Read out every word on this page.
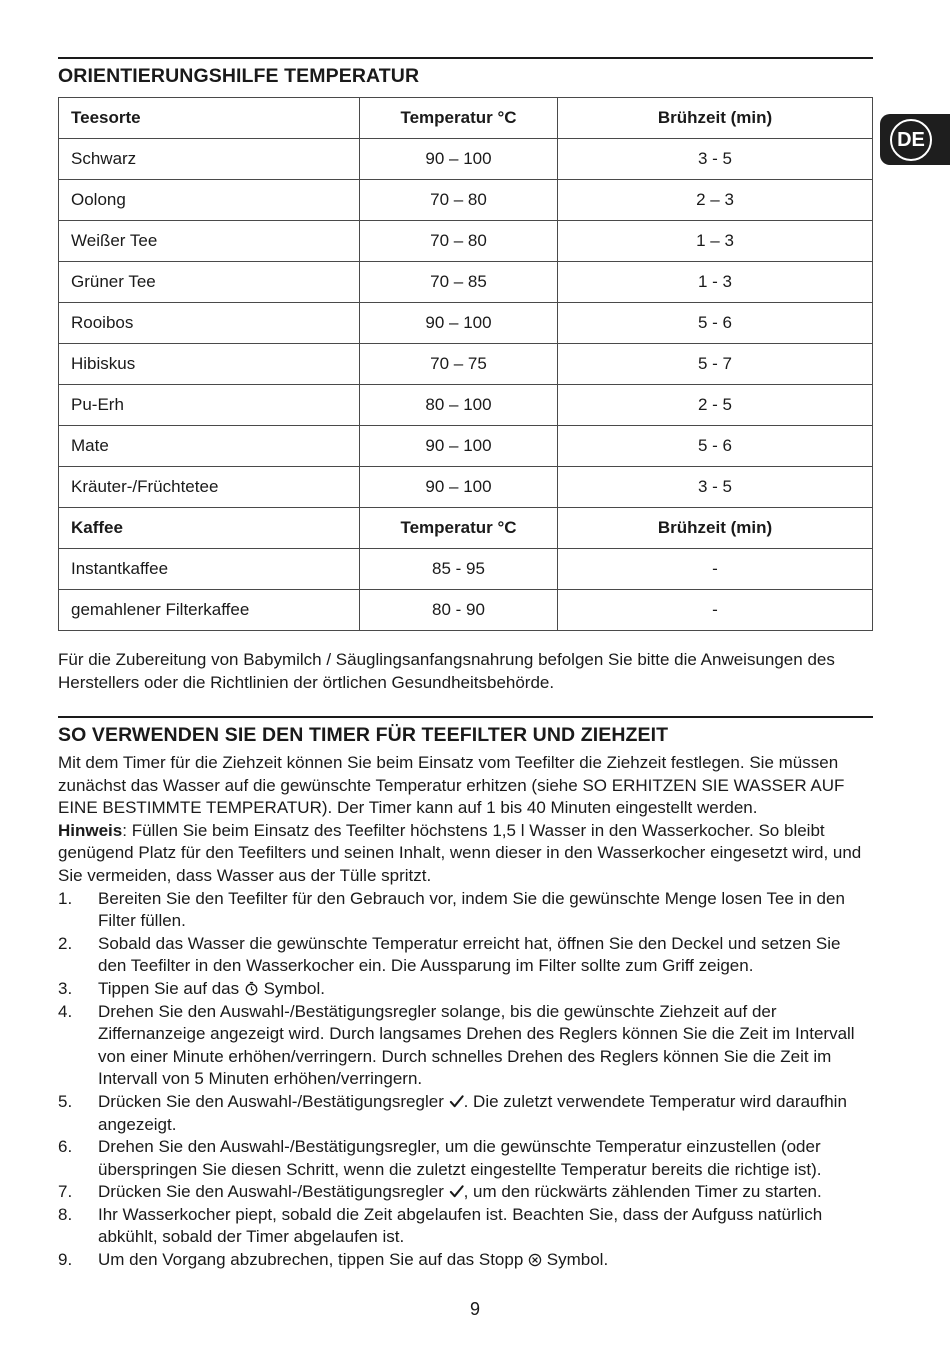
DE
ORIENTIERUNGSHILFE TEMPERATUR
Teesorte	Temperatur °C	Brühzeit (min)
Schwarz	90 – 100	3 - 5
Oolong	70 – 80	2 – 3
Weißer Tee	70 – 80	1 – 3
Grüner Tee	70 – 85	1 - 3
Rooibos	90 – 100	5 - 6
Hibiskus	70 – 75	5 - 7
Pu-Erh	80 – 100	2 - 5
Mate	90 – 100	5 - 6
Kräuter-/Früchtetee	90 – 100	3 - 5
Kaffee	Temperatur °C	Brühzeit (min)
Instantkaffee	85 - 95	-
gemahlener Filterkaffee	80 - 90	-

Für die Zubereitung von Babymilch / Säuglingsanfangsnahrung befolgen Sie bitte die Anweisungen des Herstellers oder die Richtlinien der örtlichen Gesundheitsbehörde.

SO VERWENDEN SIE DEN TIMER FÜR TEEFILTER UND ZIEHZEIT

Mit dem Timer für die Ziehzeit können Sie beim Einsatz vom Teefilter die Ziehzeit festlegen. Sie müssen zunächst das Wasser auf die gewünschte Temperatur erhitzen (siehe SO ERHITZEN SIE WASSER AUF EINE BESTIMMTE TEMPERATUR). Der Timer kann auf 1 bis 40 Minuten eingestellt werden.

Hinweis: Füllen Sie beim Einsatz des Teefilter höchstens 1,5 l Wasser in den Wasserkocher. So bleibt genügend Platz für den Teefilters und seinen Inhalt, wenn dieser in den Wasserkocher eingesetzt wird, und Sie vermeiden, dass Wasser aus der Tülle spritzt.

1. Bereiten Sie den Teefilter für den Gebrauch vor, indem Sie die gewünschte Menge losen Tee in den Filter füllen.
2. Sobald das Wasser die gewünschte Temperatur erreicht hat, öffnen Sie den Deckel und setzen Sie den Teefilter in den Wasserkocher ein. Die Aussparung im Filter sollte zum Griff zeigen.
3. Tippen Sie auf das  Symbol.
4. Drehen Sie den Auswahl-/Bestätigungsregler solange, bis die gewünschte Ziehzeit auf der Ziffernanzeige angezeigt wird. Durch langsames Drehen des Reglers können Sie die Zeit im Intervall von einer Minute erhöhen/verringern. Durch schnelles Drehen des Reglers können Sie die Zeit im Intervall von 5 Minuten erhöhen/verringern.
5. Drücken Sie den Auswahl-/Bestätigungsregler . Die zuletzt verwendete Temperatur wird daraufhin angezeigt.
6. Drehen Sie den Auswahl-/Bestätigungsregler, um die gewünschte Temperatur einzustellen (oder überspringen Sie diesen Schritt, wenn die zuletzt eingestellte Temperatur bereits die richtige ist).
7. Drücken Sie den Auswahl-/Bestätigungsregler , um den rückwärts zählenden Timer zu starten.
8. Ihr Wasserkocher piept, sobald die Zeit abgelaufen ist. Beachten Sie, dass der Aufguss natürlich abkühlt, sobald der Timer abgelaufen ist.
9. Um den Vorgang abzubrechen, tippen Sie auf das Stopp  Symbol.
9
